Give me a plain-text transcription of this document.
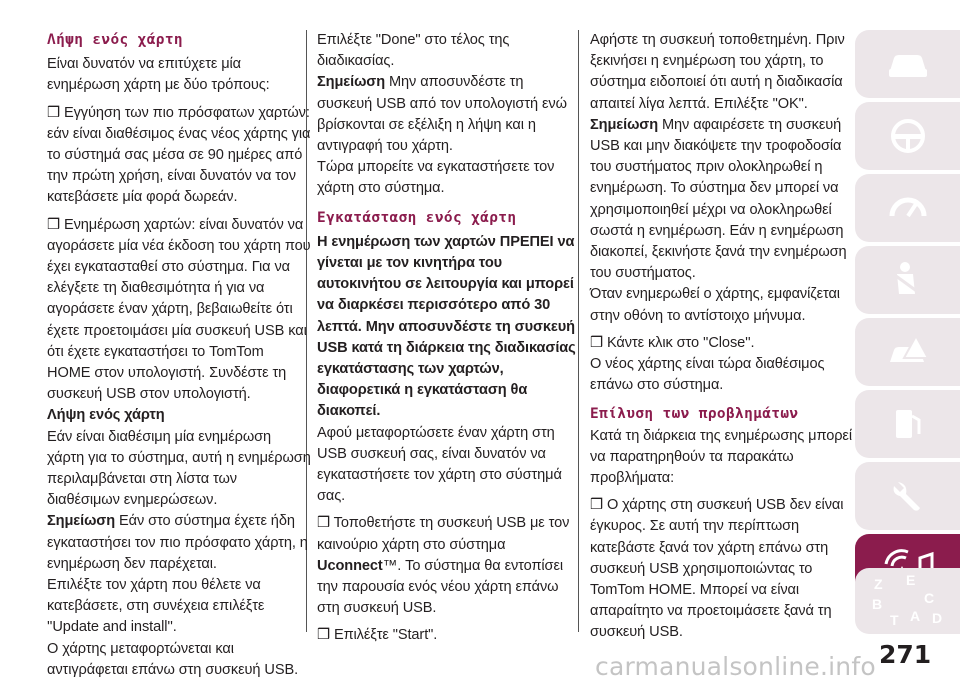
Λήψη ενός χάρτη

Είναι δυνατόν να επιτύχετε μία ενημέρωση χάρτη με δύο τρόπους:

❒ Εγγύηση των πιο πρόσφατων χαρτών: εάν είναι διαθέσιμος ένας νέος χάρτης για το σύστημά σας μέσα σε 90 ημέρες από την πρώτη χρήση, είναι δυνατόν να τον κατεβάσετε μία φορά δωρεάν.

❒ Ενημέρωση χαρτών: είναι δυνατόν να αγοράσετε μία νέα έκδοση του χάρτη που έχει εγκατασταθεί στο σύστημα. Για να ελέγξετε τη διαθεσιμότητα ή για να αγοράσετε έναν χάρτη, βεβαιωθείτε ότι έχετε προετοιμάσει μία συσκευή USB και ότι έχετε εγκαταστήσει το TomTom HOME στον υπολογιστή. Συνδέστε τη συσκευή USB στον υπολογιστή.

Λήψη ενός χάρτη

Εάν είναι διαθέσιμη μία ενημέρωση χάρτη για το σύστημα, αυτή η ενημέρωση περιλαμβάνεται στη λίστα των διαθέσιμων ενημερώσεων.

Σημείωση Εάν στο σύστημα έχετε ήδη εγκαταστήσει τον πιο πρόσφατο χάρτη, η ενημέρωση δεν παρέχεται.

Επιλέξτε τον χάρτη που θέλετε να κατεβάσετε, στη συνέχεια επιλέξτε ''Update and install''.

Ο χάρτης μεταφορτώνεται και αντιγράφεται επάνω στη συσκευή USB.

Επιλέξτε "Done" στο τέλος της διαδικασίας.

Σημείωση Μην αποσυνδέστε τη συσκευή USB από τον υπολογιστή ενώ βρίσκονται σε εξέλιξη η λήψη και η αντιγραφή του χάρτη.

Τώρα μπορείτε να εγκαταστήσετε τον χάρτη στο σύστημα.

Εγκατάσταση ενός χάρτη

Η ενημέρωση των χαρτών ΠΡΕΠΕΙ να γίνεται με τον κινητήρα του αυτοκινήτου σε λειτουργία και μπορεί να διαρκέσει περισσότερο από 30 λεπτά. Μην αποσυνδέστε τη συσκευή USB κατά τη διάρκεια της διαδικασίας εγκατάστασης των χαρτών, διαφορετικά η εγκατάσταση θα διακοπεί.

Αφού μεταφορτώσετε έναν χάρτη στη USB συσκευή σας, είναι δυνατόν να εγκαταστήσετε τον χάρτη στο σύστημά σας.

❒ Τοποθετήστε τη συσκευή USB με τον καινούριο χάρτη στο σύστημα Uconnect™. Το σύστημα θα εντοπίσει την παρουσία ενός νέου χάρτη επάνω στη συσκευή USB.

❒ Επιλέξτε "Start".

Αφήστε τη συσκευή τοποθετημένη. Πριν ξεκινήσει η ενημέρωση του χάρτη, το σύστημα ειδοποιεί ότι αυτή η διαδικασία απαιτεί λίγα λεπτά. Επιλέξτε "OK".

Σημείωση Μην αφαιρέσετε τη συσκευή USB και μην διακόψετε την τροφοδοσία του συστήματος πριν ολοκληρωθεί η ενημέρωση. Το σύστημα δεν μπορεί να χρησιμοποιηθεί μέχρι να ολοκληρωθεί σωστά η ενημέρωση. Εάν η ενημέρωση διακοπεί, ξεκινήστε ξανά την ενημέρωση του συστήματος.

Όταν ενημερωθεί ο χάρτης, εμφανίζεται στην οθόνη το αντίστοιχο μήνυμα.

❒ Κάντε κλικ στο ''Close''.

Ο νέος χάρτης είναι τώρα διαθέσιμος επάνω στο σύστημα.

Επίλυση των προβλημάτων

Κατά τη διάρκεια της ενημέρωσης μπορεί να παρατηρηθούν τα παρακάτω προβλήματα:

❒ Ο χάρτης στη συσκευή USB δεν είναι έγκυρος. Σε αυτή την περίπτωση κατεβάστε ξανά τον χάρτη επάνω στη συσκευή USB χρησιμοποιώντας το TomTom HOME. Μπορεί να είναι απαραίτητο να προετοιμάσετε ξανά τη συσκευή USB.

Z E
B	C
T A D
271
carmanualsonline.info
